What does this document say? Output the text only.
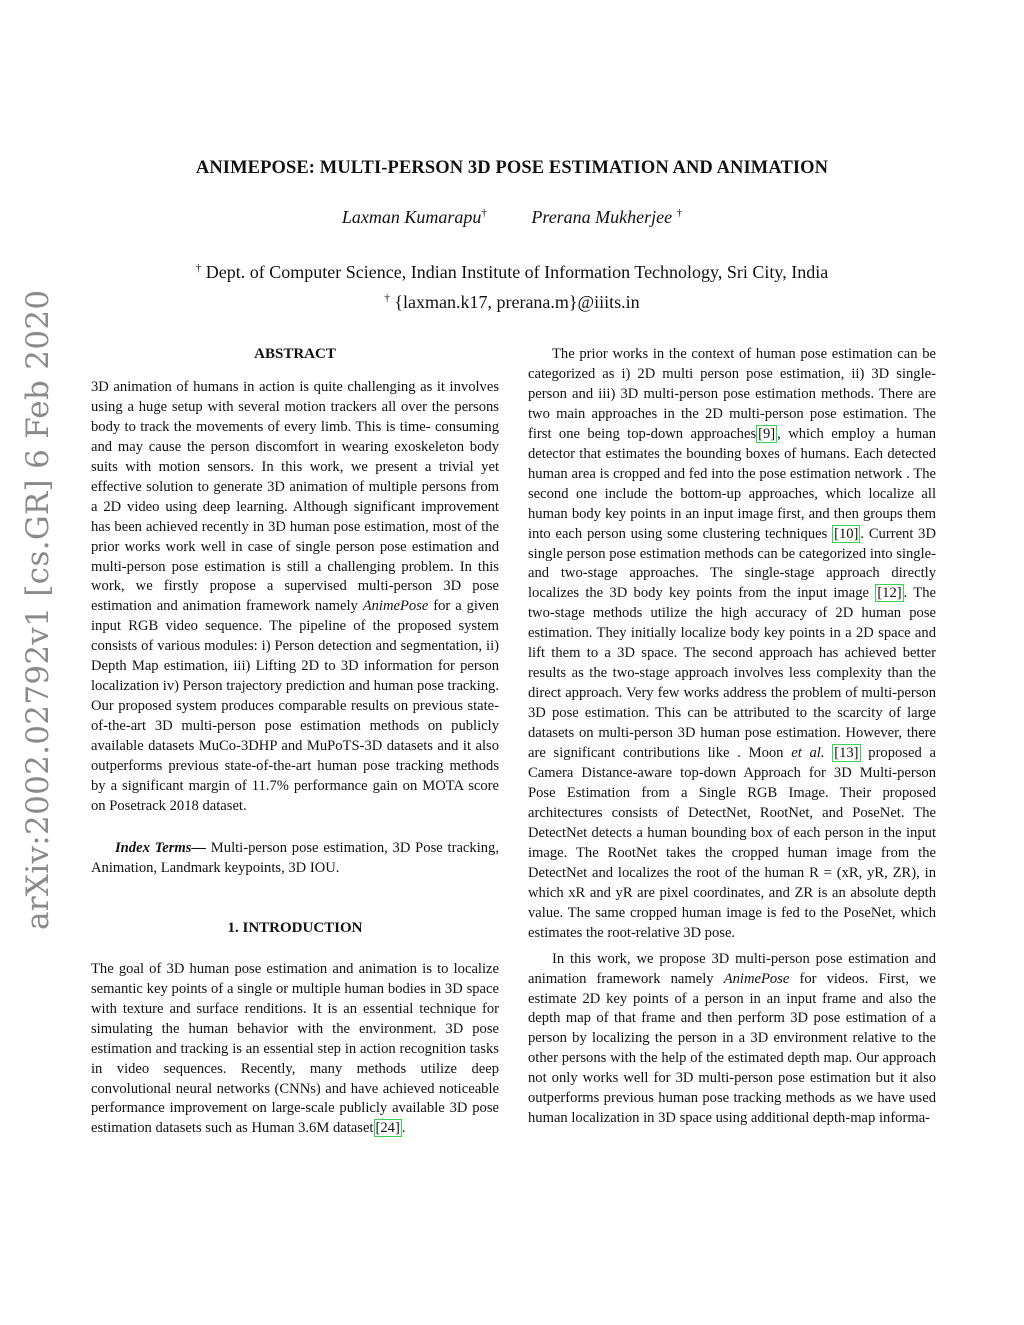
arXiv:2002.02792v1 [cs.GR] 6 Feb 2020
ANIMEPOSE: MULTI-PERSON 3D POSE ESTIMATION AND ANIMATION
Laxman Kumarapu† Prerana Mukherjee †
† Dept. of Computer Science, Indian Institute of Information Technology, Sri City, India
† {laxman.k17, prerana.m}@iiits.in
ABSTRACT

3D animation of humans in action is quite challenging as it involves using a huge setup with several motion trackers all over the persons body to track the movements of every limb. This is time- consuming and may cause the person discomfort in wearing exoskeleton body suits with motion sensors. In this work, we present a trivial yet effective solution to generate 3D animation of multiple persons from a 2D video using deep learning. Although significant improvement has been achieved recently in 3D human pose estimation, most of the prior works work well in case of single person pose estimation and multi-person pose estimation is still a challenging problem. In this work, we firstly propose a supervised multi-person 3D pose estimation and animation framework namely AnimePose for a given input RGB video sequence. The pipeline of the proposed system consists of various modules: i) Person detection and segmentation, ii) Depth Map estimation, iii) Lifting 2D to 3D information for person localization iv) Person trajectory prediction and human pose tracking. Our proposed system produces comparable results on previous state-of-the-art 3D multi-person pose estimation methods on publicly available datasets MuCo-3DHP and MuPoTS-3D datasets and it also outperforms previous state-of-the-art human pose tracking methods by a significant margin of 11.7% performance gain on MOTA score on Posetrack 2018 dataset.

Index Terms— Multi-person pose estimation, 3D Pose tracking, Animation, Landmark keypoints, 3D IOU.

1. INTRODUCTION

The goal of 3D human pose estimation and animation is to localize semantic key points of a single or multiple human bodies in 3D space with texture and surface renditions. It is an essential technique for simulating the human behavior with the environment. 3D pose estimation and tracking is an essential step in action recognition tasks in video sequences. Recently, many methods utilize deep convolutional neural networks (CNNs) and have achieved noticeable performance improvement on large-scale publicly available 3D pose estimation datasets such as Human 3.6M dataset [24] .

The prior works in the context of human pose estimation can be categorized as i) 2D multi person pose estimation, ii) 3D single-person and iii) 3D multi-person pose estimation methods. There are two main approaches in the 2D multi-person pose estimation. The first one being top-down approaches [9] , which employ a human detector that estimates the bounding boxes of humans. Each detected human area is cropped and fed into the pose estimation network . The second one include the bottom-up approaches, which localize all human body key points in an input image first, and then groups them into each person using some clustering techniques [10] . Current 3D single person pose estimation methods can be categorized into single- and two-stage approaches. The single-stage approach directly localizes the 3D body key points from the input image [12] . The two-stage methods utilize the high accuracy of 2D human pose estimation. They initially localize body key points in a 2D space and lift them to a 3D space. The second approach has achieved better results as the two-stage approach involves less complexity than the direct approach. Very few works address the problem of multi-person 3D pose estimation. This can be attributed to the scarcity of large datasets on multi-person 3D human pose estimation. However, there are significant contributions like . Moon et al. [13] proposed a Camera Distance-aware top-down Approach for 3D Multi-person Pose Estimation from a Single RGB Image. Their proposed architectures consists of DetectNet, RootNet, and PoseNet. The DetectNet detects a human bounding box of each person in the input image. The RootNet takes the cropped human image from the DetectNet and localizes the root of the human R = (xR, yR, ZR), in which xR and yR are pixel coordinates, and ZR is an absolute depth value. The same cropped human image is fed to the PoseNet, which estimates the root-relative 3D pose.

In this work, we propose 3D multi-person pose estimation and animation framework namely AnimePose for videos. First, we estimate 2D key points of a person in an input frame and also the depth map of that frame and then perform 3D pose estimation of a person by localizing the person in a 3D environment relative to the other persons with the help of the estimated depth map. Our approach not only works well for 3D multi-person pose estimation but it also outperforms previous human pose tracking methods as we have used human localization in 3D space using additional depth-map informa-
